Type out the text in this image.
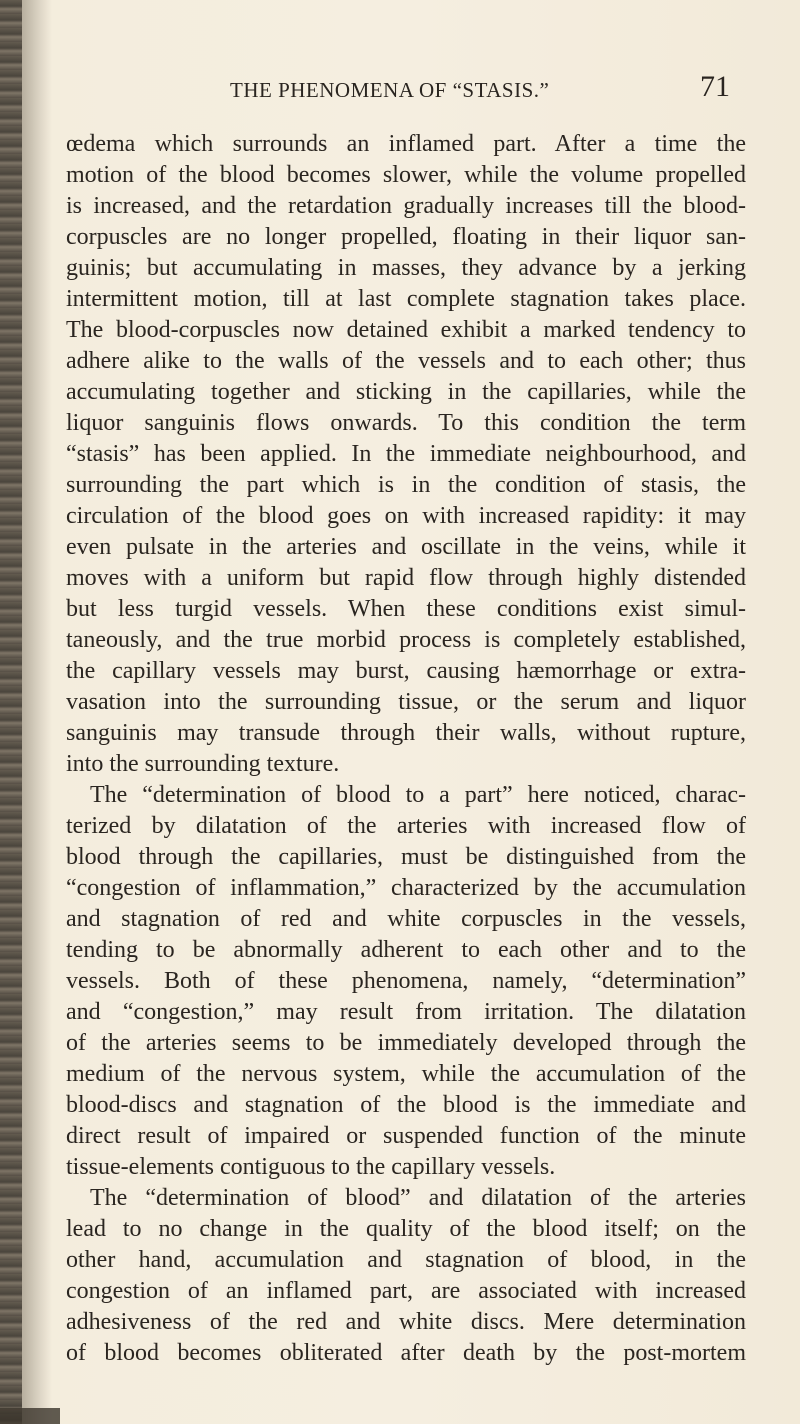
THE PHENOMENA OF “STASIS.”	71
œdema which surrounds an inflamed part. After a time the
motion of the blood becomes slower, while the volume propelled
is increased, and the retardation gradually increases till the blood-
corpuscles are no longer propelled, floating in their liquor san-
guinis; but accumulating in masses, they advance by a jerking
intermittent motion, till at last complete stagnation takes place.
The blood-corpuscles now detained exhibit a marked tendency to
adhere alike to the walls of the vessels and to each other; thus
accumulating together and sticking in the capillaries, while the
liquor sanguinis flows onwards. To this condition the term
“stasis” has been applied. In the immediate neighbourhood, and
surrounding the part which is in the condition of stasis, the
circulation of the blood goes on with increased rapidity: it may
even pulsate in the arteries and oscillate in the veins, while it
moves with a uniform but rapid flow through highly distended
but less turgid vessels. When these conditions exist simul-
taneously, and the true morbid process is completely established,
the capillary vessels may burst, causing hæmorrhage or extra-
vasation into the surrounding tissue, or the serum and liquor
sanguinis may transude through their walls, without rupture,
into the surrounding texture.
The “determination of blood to a part” here noticed, charac-
terized by dilatation of the arteries with increased flow of
blood through the capillaries, must be distinguished from the
“congestion of inflammation,” characterized by the accumulation
and stagnation of red and white corpuscles in the vessels,
tending to be abnormally adherent to each other and to the
vessels. Both of these phenomena, namely, “determination”
and “congestion,” may result from irritation. The dilatation
of the arteries seems to be immediately developed through the
medium of the nervous system, while the accumulation of the
blood-discs and stagnation of the blood is the immediate and
direct result of impaired or suspended function of the minute
tissue-elements contiguous to the capillary vessels.
The “determination of blood” and dilatation of the arteries
lead to no change in the quality of the blood itself; on the
other hand, accumulation and stagnation of blood, in the
congestion of an inflamed part, are associated with increased
adhesiveness of the red and white discs. Mere determination
of blood becomes obliterated after death by the post-mortem
